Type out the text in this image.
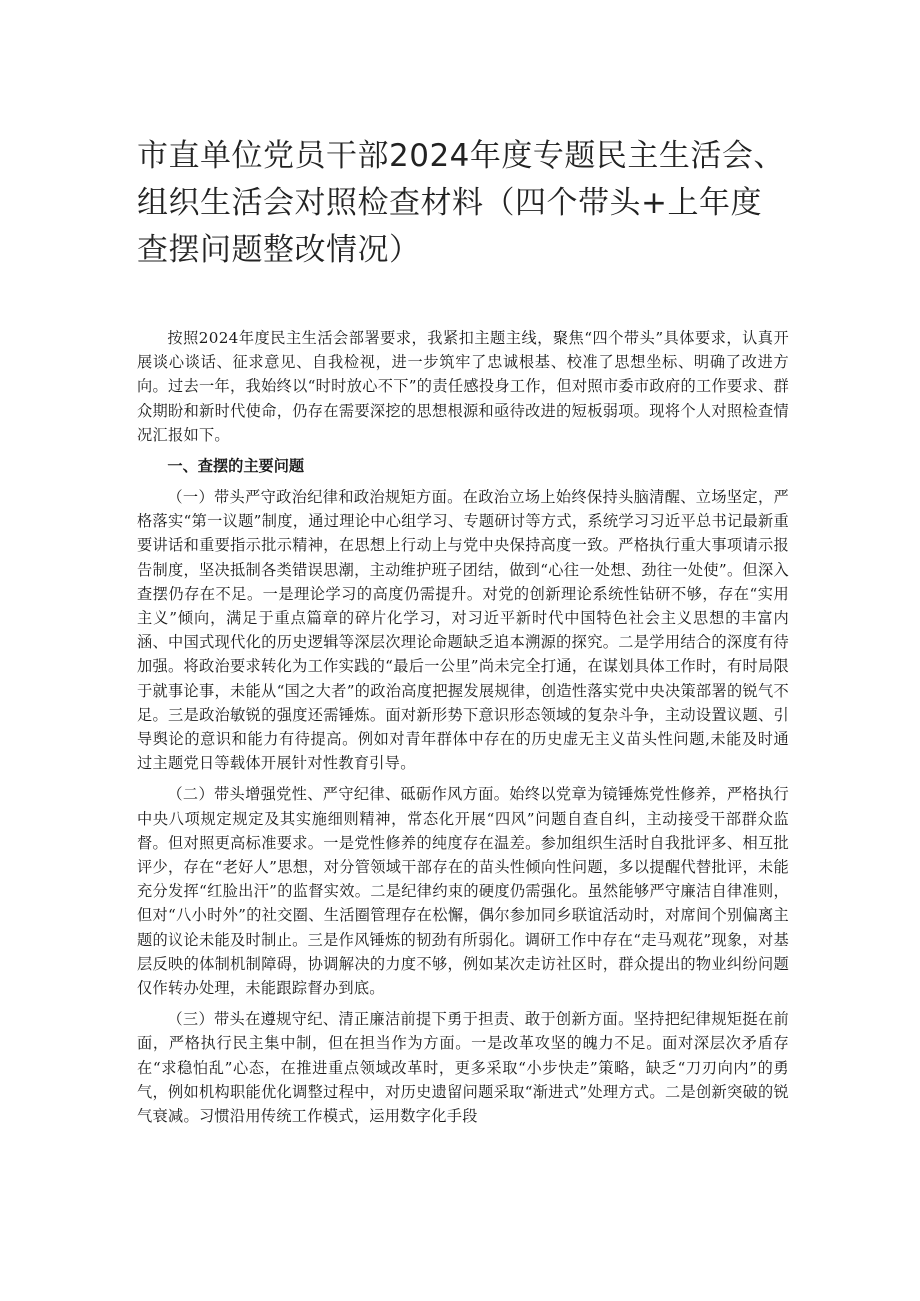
市直单位党员干部2024年度专题民主生活会、组织生活会对照检查材料（四个带头+上年度查摆问题整改情况）

按照2024年度民主生活会部署要求，我紧扣主题主线，聚焦“四个带头”具体要求，认真开展谈心谈话、征求意见、自我检视，进一步筑牢了忠诚根基、校准了思想坐标、明确了改进方向。过去一年，我始终以“时时放心不下”的责任感投身工作，但对照市委市政府的工作要求、群众期盼和新时代使命，仍存在需要深挖的思想根源和亟待改进的短板弱项。现将个人对照检查情况汇报如下。

一、查摆的主要问题

（一）带头严守政治纪律和政治规矩方面。在政治立场上始终保持头脑清醒、立场坚定，严格落实“第一议题”制度，通过理论中心组学习、专题研讨等方式，系统学习习近平总书记最新重要讲话和重要指示批示精神，在思想上行动上与党中央保持高度一致。严格执行重大事项请示报告制度，坚决抵制各类错误思潮，主动维护班子团结，做到“心往一处想、劲往一处使”。但深入查摆仍存在不足。一是理论学习的高度仍需提升。对党的创新理论系统性钻研不够，存在“实用主义”倾向，满足于重点篇章的碎片化学习，对习近平新时代中国特色社会主义思想的丰富内涵、中国式现代化的历史逻辑等深层次理论命题缺乏追本溯源的探究。二是学用结合的深度有待加强。将政治要求转化为工作实践的“最后一公里”尚未完全打通，在谋划具体工作时，有时局限于就事论事，未能从“国之大者”的政治高度把握发展规律，创造性落实党中央决策部署的锐气不足。三是政治敏锐的强度还需锤炼。面对新形势下意识形态领域的复杂斗争，主动设置议题、引导舆论的意识和能力有待提高。例如对青年群体中存在的历史虚无主义苗头性问题,未能及时通过主题党日等载体开展针对性教育引导。

（二）带头增强党性、严守纪律、砥砺作风方面。始终以党章为镜锤炼党性修养，严格执行中央八项规定规定及其实施细则精神，常态化开展“四风”问题自查自纠，主动接受干部群众监督。但对照更高标准要求。一是党性修养的纯度存在温差。参加组织生活时自我批评多、相互批评少，存在“老好人”思想，对分管领域干部存在的苗头性倾向性问题，多以提醒代替批评，未能充分发挥“红脸出汗”的监督实效。二是纪律约束的硬度仍需强化。虽然能够严守廉洁自律准则，但对“八小时外”的社交圈、生活圈管理存在松懈，偶尔参加同乡联谊活动时，对席间个别偏离主题的议论未能及时制止。三是作风锤炼的韧劲有所弱化。调研工作中存在“走马观花”现象，对基层反映的体制机制障碍，协调解决的力度不够，例如某次走访社区时，群众提出的物业纠纷问题仅作转办处理，未能跟踪督办到底。

（三）带头在遵规守纪、清正廉洁前提下勇于担责、敢于创新方面。坚持把纪律规矩挺在前面，严格执行民主集中制，但在担当作为方面。一是改革攻坚的魄力不足。面对深层次矛盾存在“求稳怕乱”心态，在推进重点领域改革时，更多采取“小步快走”策略，缺乏“刀刃向内”的勇气，例如机构职能优化调整过程中，对历史遗留问题采取“渐进式”处理方式。二是创新突破的锐气衰减。习惯沿用传统工作模式，运用数字化手段
